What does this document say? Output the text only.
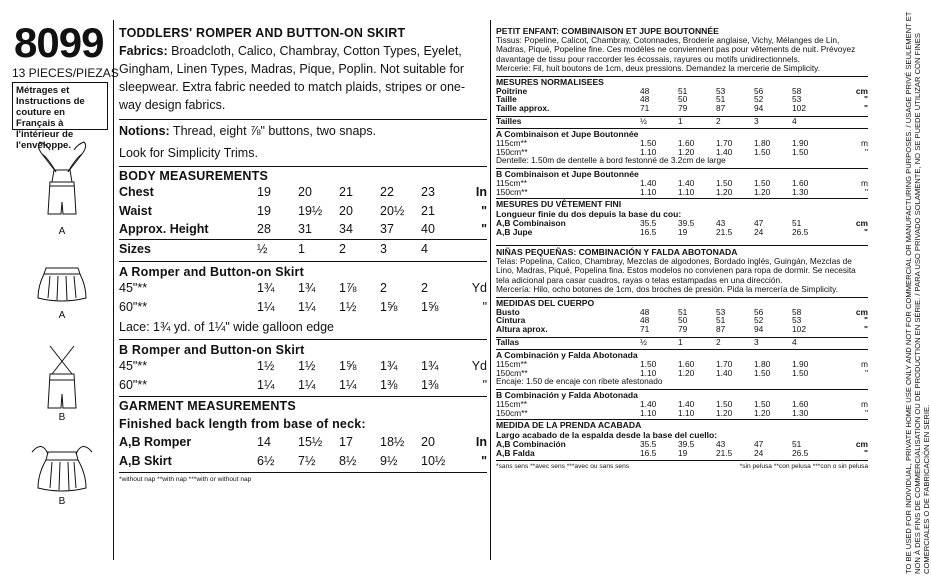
8099
13 PIECES/PIEZAS
Métrages et Instructions de couture en Français à l'intérieur de l'enveloppe.
A
A
B
B
TODDLERS' ROMPER AND BUTTON-ON SKIRT
Fabrics: Broadcloth, Calico, Chambray, Cotton Types, Eyelet, Gingham, Linen Types, Madras, Pique, Poplin. Not suitable for sleepwear. Extra fabric needed to match plaids, stripes or one-way design fabrics.
Notions: Thread, eight ⅞" buttons, two snaps.
Look for Simplicity Trims.
BODY MEASUREMENTS
Chest	19	20	21	22	23	In
Waist	19	19½	20	20½	21	"
Approx. Height	28	31	34	37	40	"
Sizes	½	1	2	3	4	
A Romper and Button-on Skirt
45"**	1¾	1¾	1⅞	2	2	Yd
60"**	1¼	1¼	1½	1⅝	1⅝	"
Lace: 1¾ yd. of 1¼" wide galloon edge
B Romper and Button-on Skirt
45"**	1½	1½	1⅝	1¾	1¾	Yd
60"**	1¼	1¼	1¼	1⅜	1⅜	"
GARMENT MEASUREMENTS
Finished back length from base of neck:
A,B Romper	14	15½	17	18½	20	In
A,B Skirt	6½	7½	8½	9½	10½	"
*without nap **with nap ***with or without nap
PETIT ENFANT: COMBINAISON ET JUPE BOUTONNÉE
Tissus: Popeline, Calicot, Chambray, Cotonnades, Broderie anglaise, Vichy, Mélanges de Lin, Madras, Piqué, Popeline fine. Ces modèles ne conviennent pas pour vêtements de nuit. Prévoyez davantage de tissu pour raccorder les écossais, rayures ou motifs unidirectionnels.
Mercerie: Fil, huit boutons de 1cm, deux pressions. Demandez la mercerie de Simplicity.
MESURES NORMALISEES
Poitrine	48	51	53	56	58	cm
Taille	48	50	51	52	53	"
Taille approx.	71	79	87	94	102	"
Tailles	½	1	2	3	4	
A Combinaison et Jupe Boutonnée
115cm**	1.50	1.60	1.70	1.80	1.90	m
150cm**	1.10	1.20	1.40	1.50	1.50	"
Dentelle: 1.50m de dentelle à bord festonné de 3.2cm de large
B Combinaison et Jupe Boutonnée
115cm**	1.40	1.40	1.50	1.50	1.60	m
150cm**	1.10	1.10	1.20	1.20	1.30	"
MESURES DU VÊTEMENT FINI
Longueur finie du dos depuis la base du cou:
A,B Combinaison	35.5	39.5	43	47	51	cm
A,B Jupe	16.5	19	21.5	24	26.5	"
NIÑAS PEQUEÑAS: COMBINACIÓN Y FALDA ABOTONADA
Telas: Popelina, Calico, Chambray, Mezclas de algodones, Bordado inglés, Guingán, Mezclas de Lino, Madras, Piqué, Popelina fina. Estos modelos no convienen para ropa de dormir. Se necesita tela adicional para casar cuadros, rayas o telas estampadas en una dirección.
Mercería: Hilo, ocho botones de 1cm, dos broches de presión. Pida la mercería de Simplicity.
MEDIDAS DEL CUERPO
Busto	48	51	53	56	58	cm
Cintura	48	50	51	52	53	"
Altura aprox.	71	79	87	94	102	"
Tallas	½	1	2	3	4	
A Combinación y Falda Abotonada
115cm**	1.50	1.60	1.70	1.80	1.90	m
150cm**	1.10	1.20	1.40	1.50	1.50	"
Encaje: 1.50 de encaje con ribete afestonado
B Combinación y Falda Abotonada
115cm**	1.40	1.40	1.50	1.50	1.60	m
150cm**	1.10	1.10	1.20	1.20	1.30	"
MEDIDA DE LA PRENDA ACABADA
Largo acabado de la espalda desde la base del cuello:
A,B Combinación	35.5	39.5	43	47	51	cm
A,B Falda	16.5	19	21.5	24	26.5	"
*sans sens **avec sens ***avec ou sans sens	*sin pelusa **con pelusa ***con o sin pelusa	TO BE USED FOR INDIVIDUAL, PRIVATE HOME USE ONLY AND NOT FOR COMMERCIAL OR MANUFACTURING PURPOSES. / USAGE PRIVÉ SEULEMENT ET NON À DES FINS DE COMMERCIALISATION OU DE PRODUCTION EN SÉRIE. / PARA USO PRIVADO SOLAMENTE, NO SE PUEDE UTILIZAR CON FINES COMERCIALES O DE FABRICACIÓN EN SERIE.
